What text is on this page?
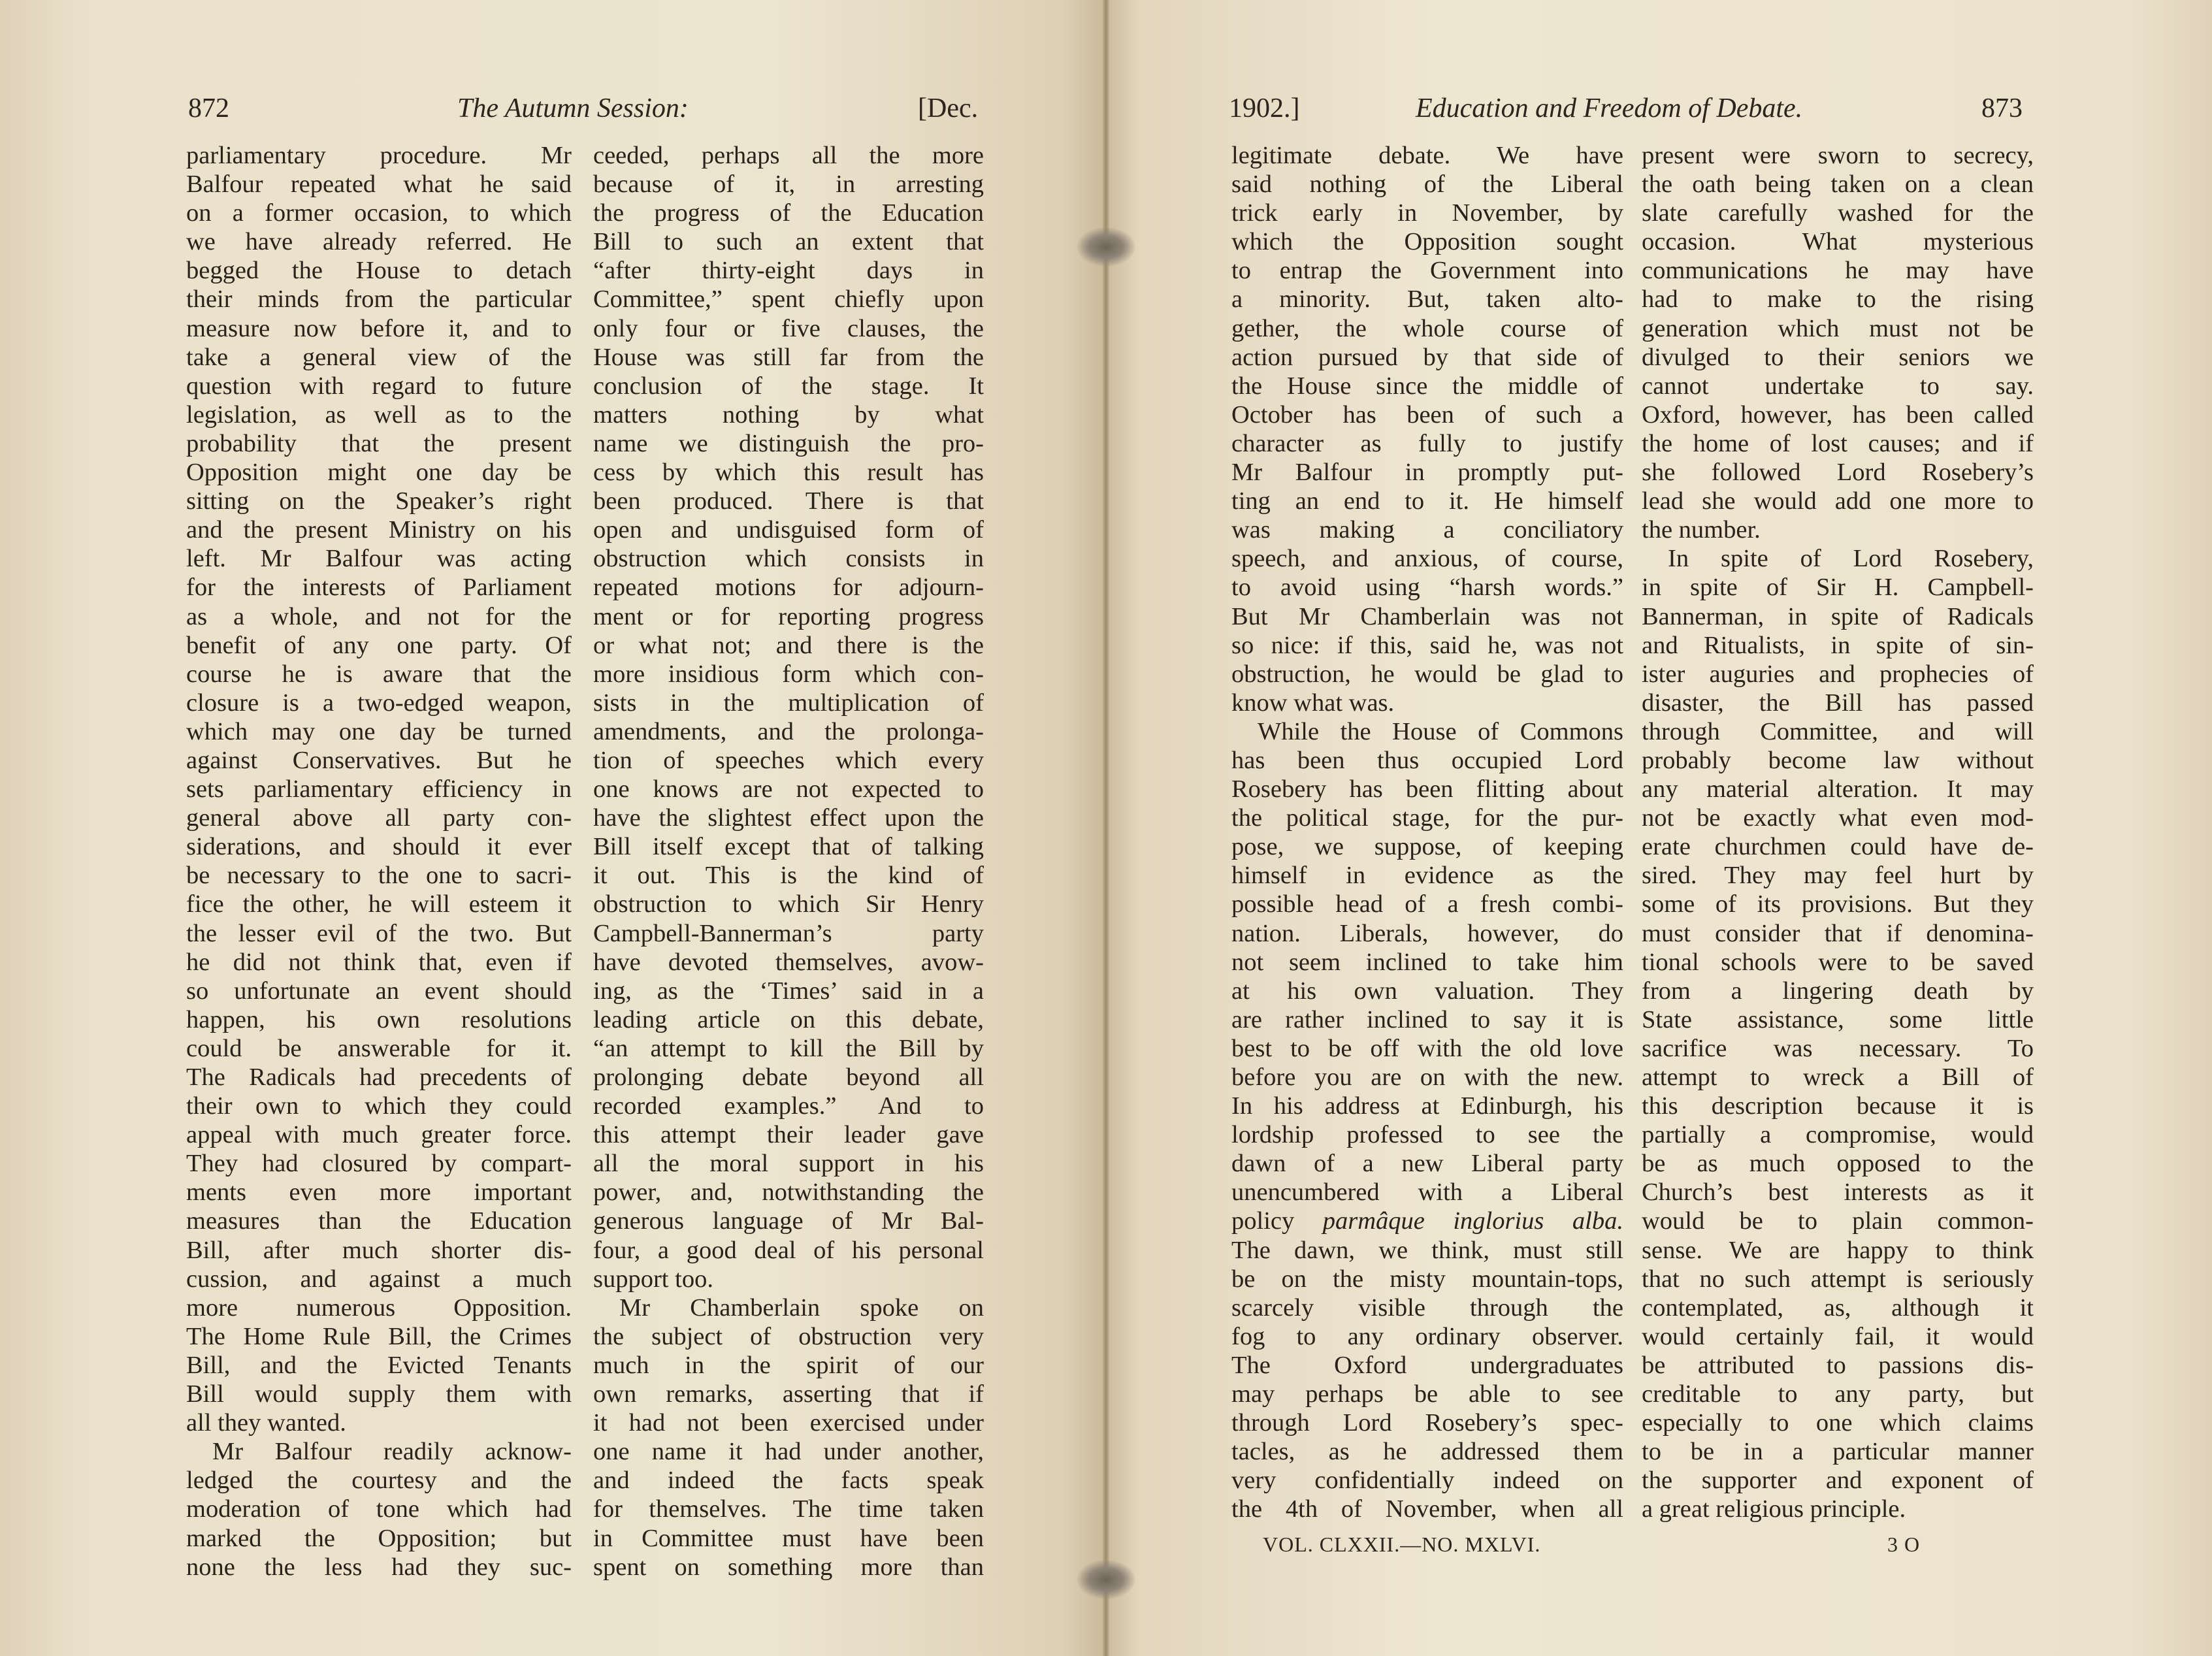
872	The Autumn Session:	[Dec.
parliamentary procedure. Mr
Balfour repeated what he said
on a former occasion, to which
we have already referred. He
begged the House to detach
their minds from the particular
measure now before it, and to
take a general view of the
question with regard to future
legislation, as well as to the
probability that the present
Opposition might one day be
sitting on the Speaker’s right
and the present Ministry on his
left. Mr Balfour was acting
for the interests of Parliament
as a whole, and not for the
benefit of any one party. Of
course he is aware that the
closure is a two-edged weapon,
which may one day be turned
against Conservatives. But he
sets parliamentary efficiency in
general above all party con-
siderations, and should it ever
be necessary to the one to sacri-
fice the other, he will esteem it
the lesser evil of the two. But
he did not think that, even if
so unfortunate an event should
happen, his own resolutions
could be answerable for it.
The Radicals had precedents of
their own to which they could
appeal with much greater force.
They had closured by compart-
ments even more important
measures than the Education
Bill, after much shorter dis-
cussion, and against a much
more numerous Opposition.
The Home Rule Bill, the Crimes
Bill, and the Evicted Tenants
Bill would supply them with
all they wanted.
Mr Balfour readily acknow-
ledged the courtesy and the
moderation of tone which had
marked the Opposition; but
none the less had they suc-
ceeded, perhaps all the more
because of it, in arresting
the progress of the Education
Bill to such an extent that
“after thirty-eight days in
Committee,” spent chiefly upon
only four or five clauses, the
House was still far from the
conclusion of the stage. It
matters nothing by what
name we distinguish the pro-
cess by which this result has
been produced. There is that
open and undisguised form of
obstruction which consists in
repeated motions for adjourn-
ment or for reporting progress
or what not; and there is the
more insidious form which con-
sists in the multiplication of
amendments, and the prolonga-
tion of speeches which every
one knows are not expected to
have the slightest effect upon the
Bill itself except that of talking
it out. This is the kind of
obstruction to which Sir Henry
Campbell-Bannerman’s party
have devoted themselves, avow-
ing, as the ‘Times’ said in a
leading article on this debate,
“an attempt to kill the Bill by
prolonging debate beyond all
recorded examples.” And to
this attempt their leader gave
all the moral support in his
power, and, notwithstanding the
generous language of Mr Bal-
four, a good deal of his personal
support too.
Mr Chamberlain spoke on
the subject of obstruction very
much in the spirit of our
own remarks, asserting that if
it had not been exercised under
one name it had under another,
and indeed the facts speak
for themselves. The time taken
in Committee must have been
spent on something more than
1902.]	Education and Freedom of Debate.	873
legitimate debate. We have
said nothing of the Liberal
trick early in November, by
which the Opposition sought
to entrap the Government into
a minority. But, taken alto-
gether, the whole course of
action pursued by that side of
the House since the middle of
October has been of such a
character as fully to justify
Mr Balfour in promptly put-
ting an end to it. He himself
was making a conciliatory
speech, and anxious, of course,
to avoid using “harsh words.”
But Mr Chamberlain was not
so nice: if this, said he, was not
obstruction, he would be glad to
know what was.
While the House of Commons
has been thus occupied Lord
Rosebery has been flitting about
the political stage, for the pur-
pose, we suppose, of keeping
himself in evidence as the
possible head of a fresh combi-
nation. Liberals, however, do
not seem inclined to take him
at his own valuation. They
are rather inclined to say it is
best to be off with the old love
before you are on with the new.
In his address at Edinburgh, his
lordship professed to see the
dawn of a new Liberal party
unencumbered with a Liberal
policy parmâque inglorius alba.
The dawn, we think, must still
be on the misty mountain-tops,
scarcely visible through the
fog to any ordinary observer.
The Oxford undergraduates
may perhaps be able to see
through Lord Rosebery’s spec-
tacles, as he addressed them
very confidentially indeed on
the 4th of November, when all
present were sworn to secrecy,
the oath being taken on a clean
slate carefully washed for the
occasion. What mysterious
communications he may have
had to make to the rising
generation which must not be
divulged to their seniors we
cannot undertake to say.
Oxford, however, has been called
the home of lost causes; and if
she followed Lord Rosebery’s
lead she would add one more to
the number.
In spite of Lord Rosebery,
in spite of Sir H. Campbell-
Bannerman, in spite of Radicals
and Ritualists, in spite of sin-
ister auguries and prophecies of
disaster, the Bill has passed
through Committee, and will
probably become law without
any material alteration. It may
not be exactly what even mod-
erate churchmen could have de-
sired. They may feel hurt by
some of its provisions. But they
must consider that if denomina-
tional schools were to be saved
from a lingering death by
State assistance, some little
sacrifice was necessary. To
attempt to wreck a Bill of
this description because it is
partially a compromise, would
be as much opposed to the
Church’s best interests as it
would be to plain common-
sense. We are happy to think
that no such attempt is seriously
contemplated, as, although it
would certainly fail, it would
be attributed to passions dis-
creditable to any party, but
especially to one which claims
to be in a particular manner
the supporter and exponent of
a great religious principle.
VOL. CLXXII.—NO. MXLVI.	3 O
